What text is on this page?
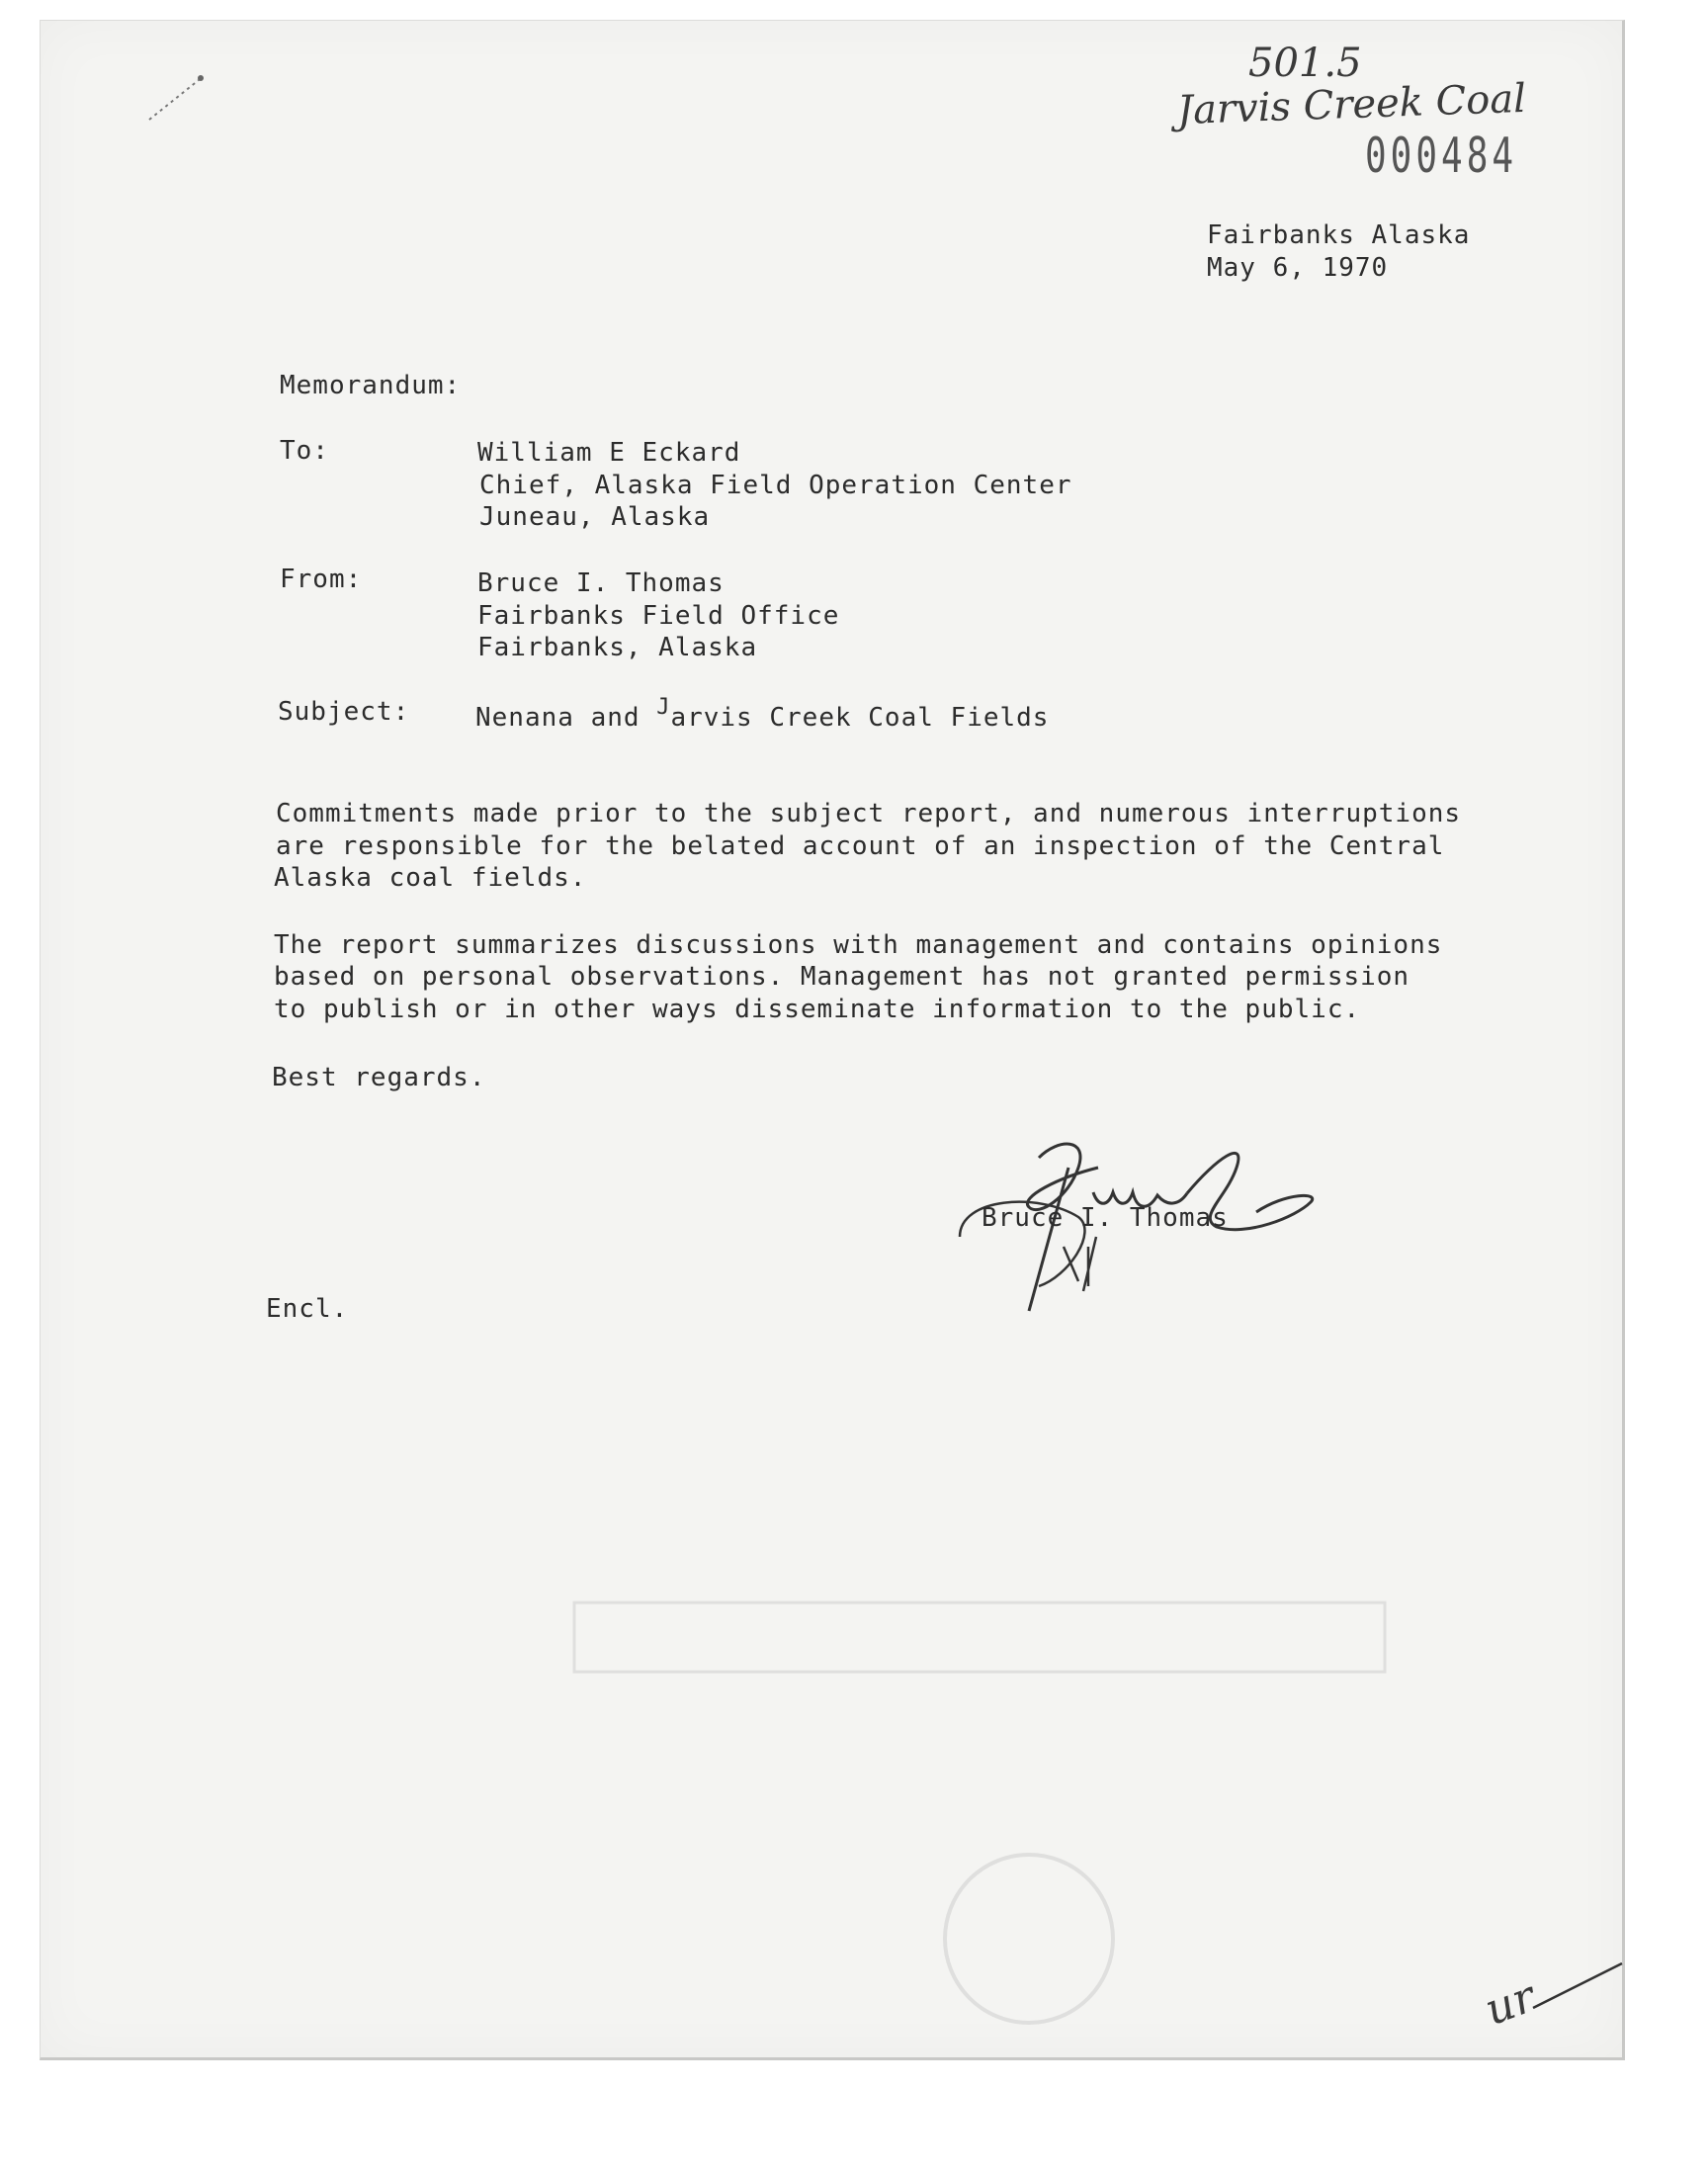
501.5
Jarvis Creek Coal
000484
Fairbanks Alaska
May 6, 1970
Memorandum:
To:	William E Eckard
Chief, Alaska Field Operation Center
Juneau, Alaska
From:	Bruce I. Thomas
Fairbanks Field Office
Fairbanks, Alaska
Subject:	Nenana and $^J$arvis Creek Coal Fields
Commitments made prior to the subject report, and numerous interruptions
are responsible for the belated account of an inspection of the Central
Alaska coal fields.
The report summarizes discussions with management and contains opinions
based on personal observations. Management has not granted permission
to publish or in other ways disseminate information to the public.
Best regards.
Bruce I. Thomas
Encl.
ur
